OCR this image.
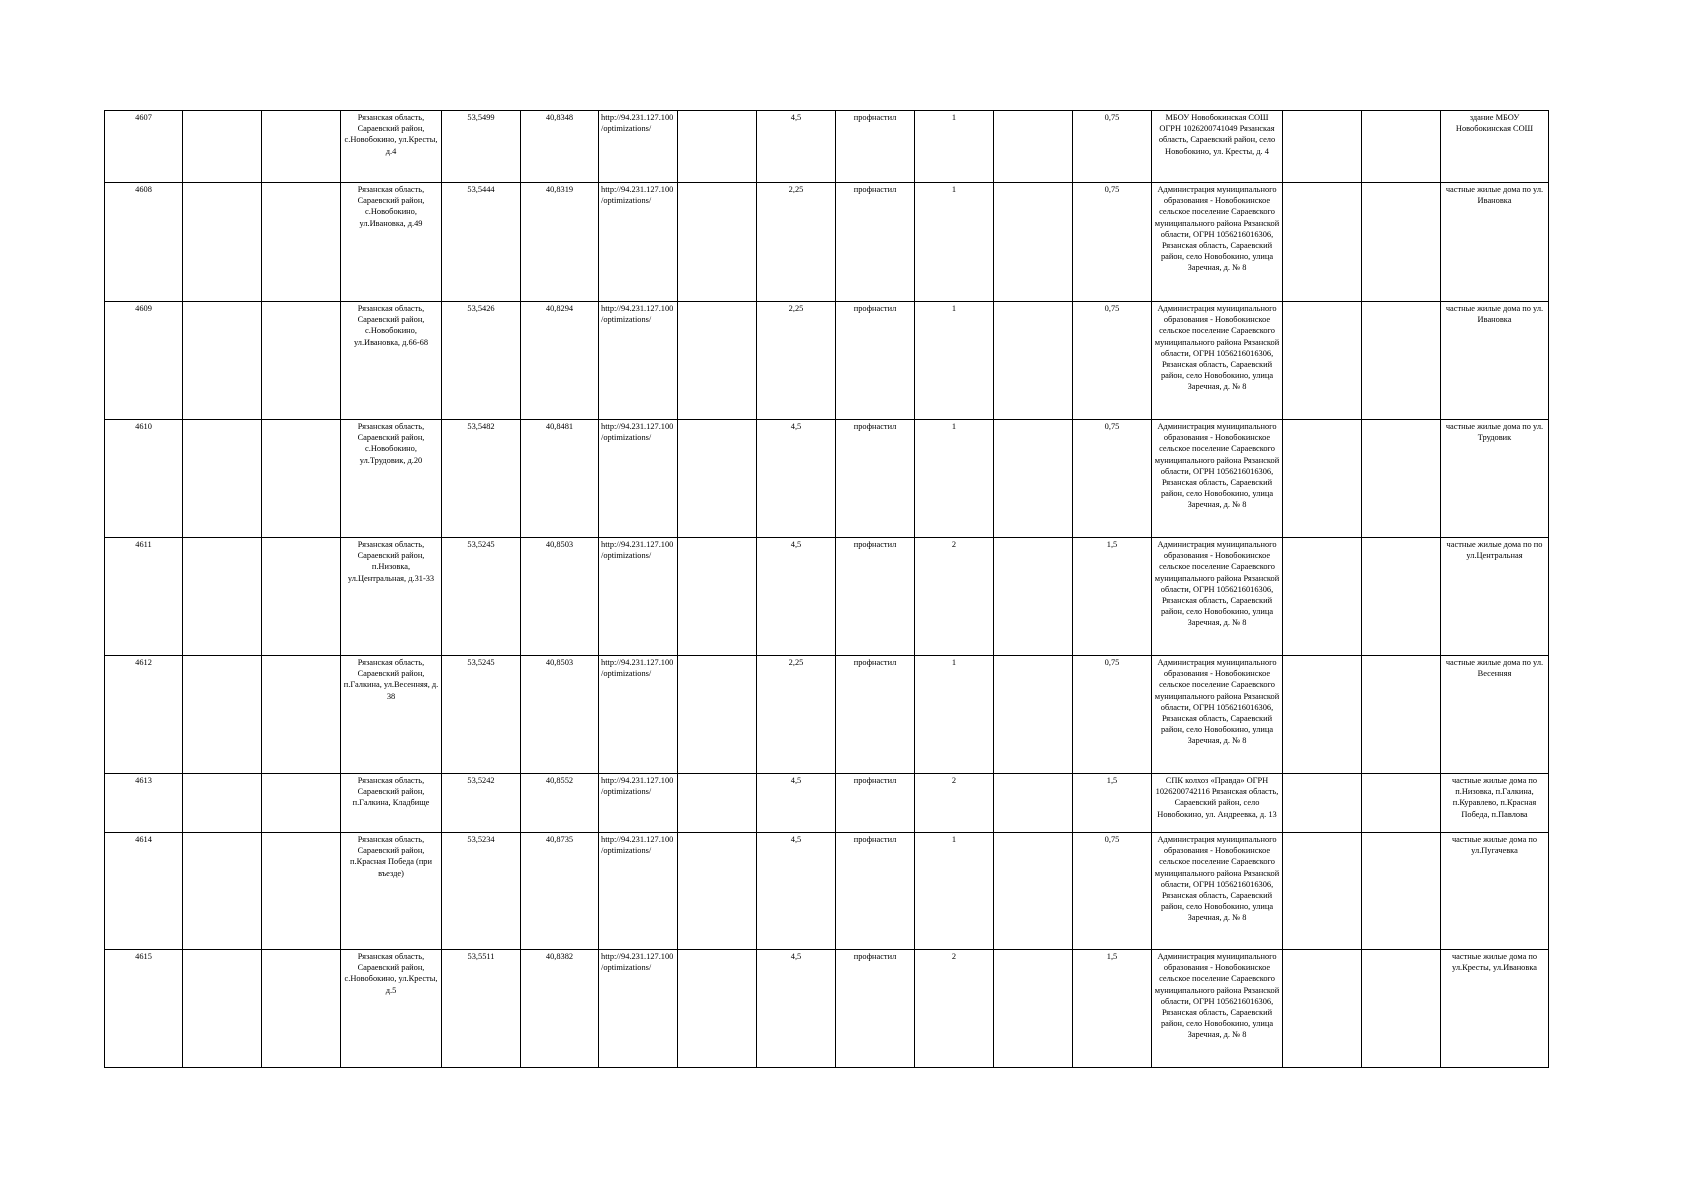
4607			Рязанская область, Сараевский район, с.Новобокино, ул.Кресты, д.4	53,5499	40,8348	http://94.231.127.100/optimizations/		4,5	профнастил	1		0,75	МБОУ Новобокинская СОШ ОГРН 1026200741049 Рязанская область, Сараевский район, село Новобокино, ул. Кресты, д. 4			здание МБОУ Новобокинская СОШ
4608			Рязанская область, Сараевский район, с.Новобокино, ул.Ивановка, д.49	53,5444	40,8319	http://94.231.127.100/optimizations/		2,25	профнастил	1		0,75	Администрация муниципального образования - Новобокинское сельское поселение Сараевского муниципального района Рязанской области, ОГРН 1056216016306, Рязанская область, Сараевский район, село Новобокино, улица Заречная, д. № 8			частные жилые дома по ул. Ивановка
4609			Рязанская область, Сараевский район, с.Новобокино, ул.Ивановка, д.66-68	53,5426	40,8294	http://94.231.127.100/optimizations/		2,25	профнастил	1		0,75	Администрация муниципального образования - Новобокинское сельское поселение Сараевского муниципального района Рязанской области, ОГРН 1056216016306, Рязанская область, Сараевский район, село Новобокино, улица Заречная, д. № 8			частные жилые дома по ул. Ивановка
4610			Рязанская область, Сараевский район, с.Новобокино, ул.Трудовик, д.20	53,5482	40,8481	http://94.231.127.100/optimizations/		4,5	профнастил	1		0,75	Администрация муниципального образования - Новобокинское сельское поселение Сараевского муниципального района Рязанской области, ОГРН 1056216016306, Рязанская область, Сараевский район, село Новобокино, улица Заречная, д. № 8			частные жилые дома по ул. Трудовик
4611			Рязанская область, Сараевский район, п.Низовка, ул.Центральная, д.31-33	53,5245	40,8503	http://94.231.127.100/optimizations/		4,5	профнастил	2		1,5	Администрация муниципального образования - Новобокинское сельское поселение Сараевского муниципального района Рязанской области, ОГРН 1056216016306, Рязанская область, Сараевский район, село Новобокино, улица Заречная, д. № 8			частные жилые дома по по ул.Центральная
4612			Рязанская область, Сараевский район, п.Галкина, ул.Весенняя, д. 38	53,5245	40,8503	http://94.231.127.100/optimizations/		2,25	профнастил	1		0,75	Администрация муниципального образования - Новобокинское сельское поселение Сараевского муниципального района Рязанской области, ОГРН 1056216016306, Рязанская область, Сараевский район, село Новобокино, улица Заречная, д. № 8			частные жилые дома по ул. Весенняя
4613			Рязанская область, Сараевский район, п.Галкина, Кладбище	53,5242	40,8552	http://94.231.127.100/optimizations/		4,5	профнастил	2		1,5	СПК колхоз «Правда» ОГРН 1026200742116 Рязанская область, Сараевский район, село Новобокино, ул. Андреевка, д. 13			частные жилые дома по п.Низовка, п.Галкина, п.Куравлево, п.Красная Победа, п.Павлова
4614			Рязанская область, Сараевский район, п.Красная Победа (при въезде)	53,5234	40,8735	http://94.231.127.100/optimizations/		4,5	профнастил	1		0,75	Администрация муниципального образования - Новобокинское сельское поселение Сараевского муниципального района Рязанской области, ОГРН 1056216016306, Рязанская область, Сараевский район, село Новобокино, улица Заречная, д. № 8			частные жилые дома по ул.Пугачевка
4615			Рязанская область, Сараевский район, с.Новобокино, ул.Кресты, д.5	53,5511	40,8382	http://94.231.127.100/optimizations/		4,5	профнастил	2		1,5	Администрация муниципального образования - Новобокинское сельское поселение Сараевского муниципального района Рязанской области, ОГРН 1056216016306, Рязанская область, Сараевский район, село Новобокино, улица Заречная, д. № 8			частные жилые дома по ул.Кресты, ул.Ивановка
